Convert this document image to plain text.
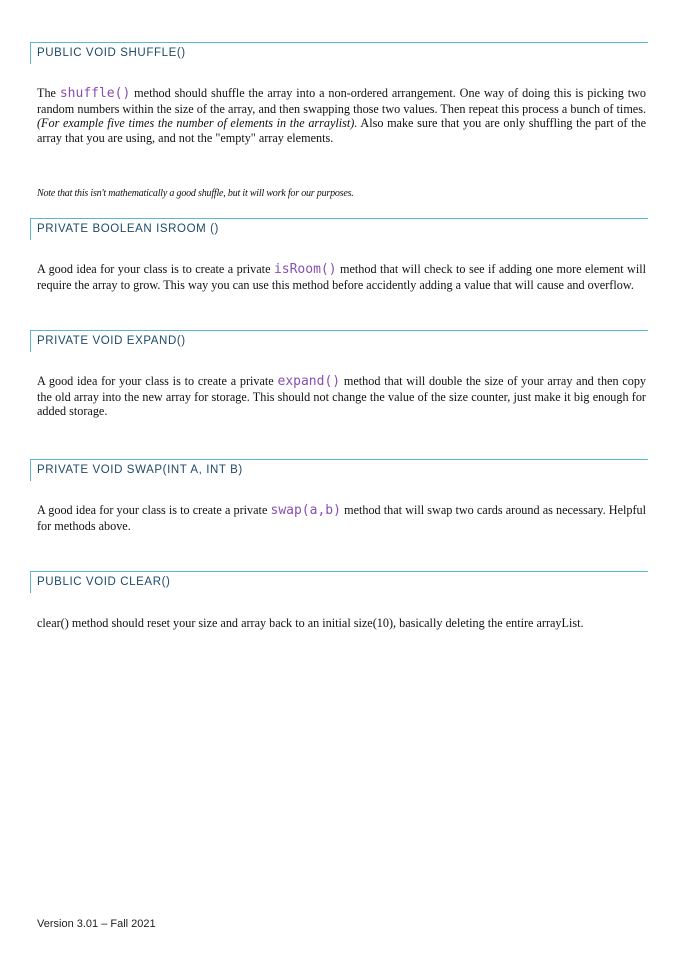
PUBLIC VOID SHUFFLE()

The shuffle() method should shuffle the array into a non-ordered arrangement. One way of doing this is picking two random numbers within the size of the array, and then swapping those two values. Then repeat this process a bunch of times. (For example five times the number of elements in the arraylist). Also make sure that you are only shuffling the part of the array that you are using, and not the "empty" array elements.

Note that this isn't mathematically a good shuffle, but it will work for our purposes.

PRIVATE BOOLEAN ISROOM ()

A good idea for your class is to create a private isRoom() method that will check to see if adding one more element will require the array to grow. This way you can use this method before accidently adding a value that will cause and overflow.

PRIVATE VOID EXPAND()

A good idea for your class is to create a private expand() method that will double the size of your array and then copy the old array into the new array for storage. This should not change the value of the size counter, just make it big enough for added storage.

PRIVATE VOID SWAP(INT A, INT B)

A good idea for your class is to create a private swap(a,b) method that will swap two cards around as necessary. Helpful for methods above.

PUBLIC VOID CLEAR()

clear() method should reset your size and array back to an initial size(10), basically deleting the entire arrayList.

Version 3.01 – Fall 2021
